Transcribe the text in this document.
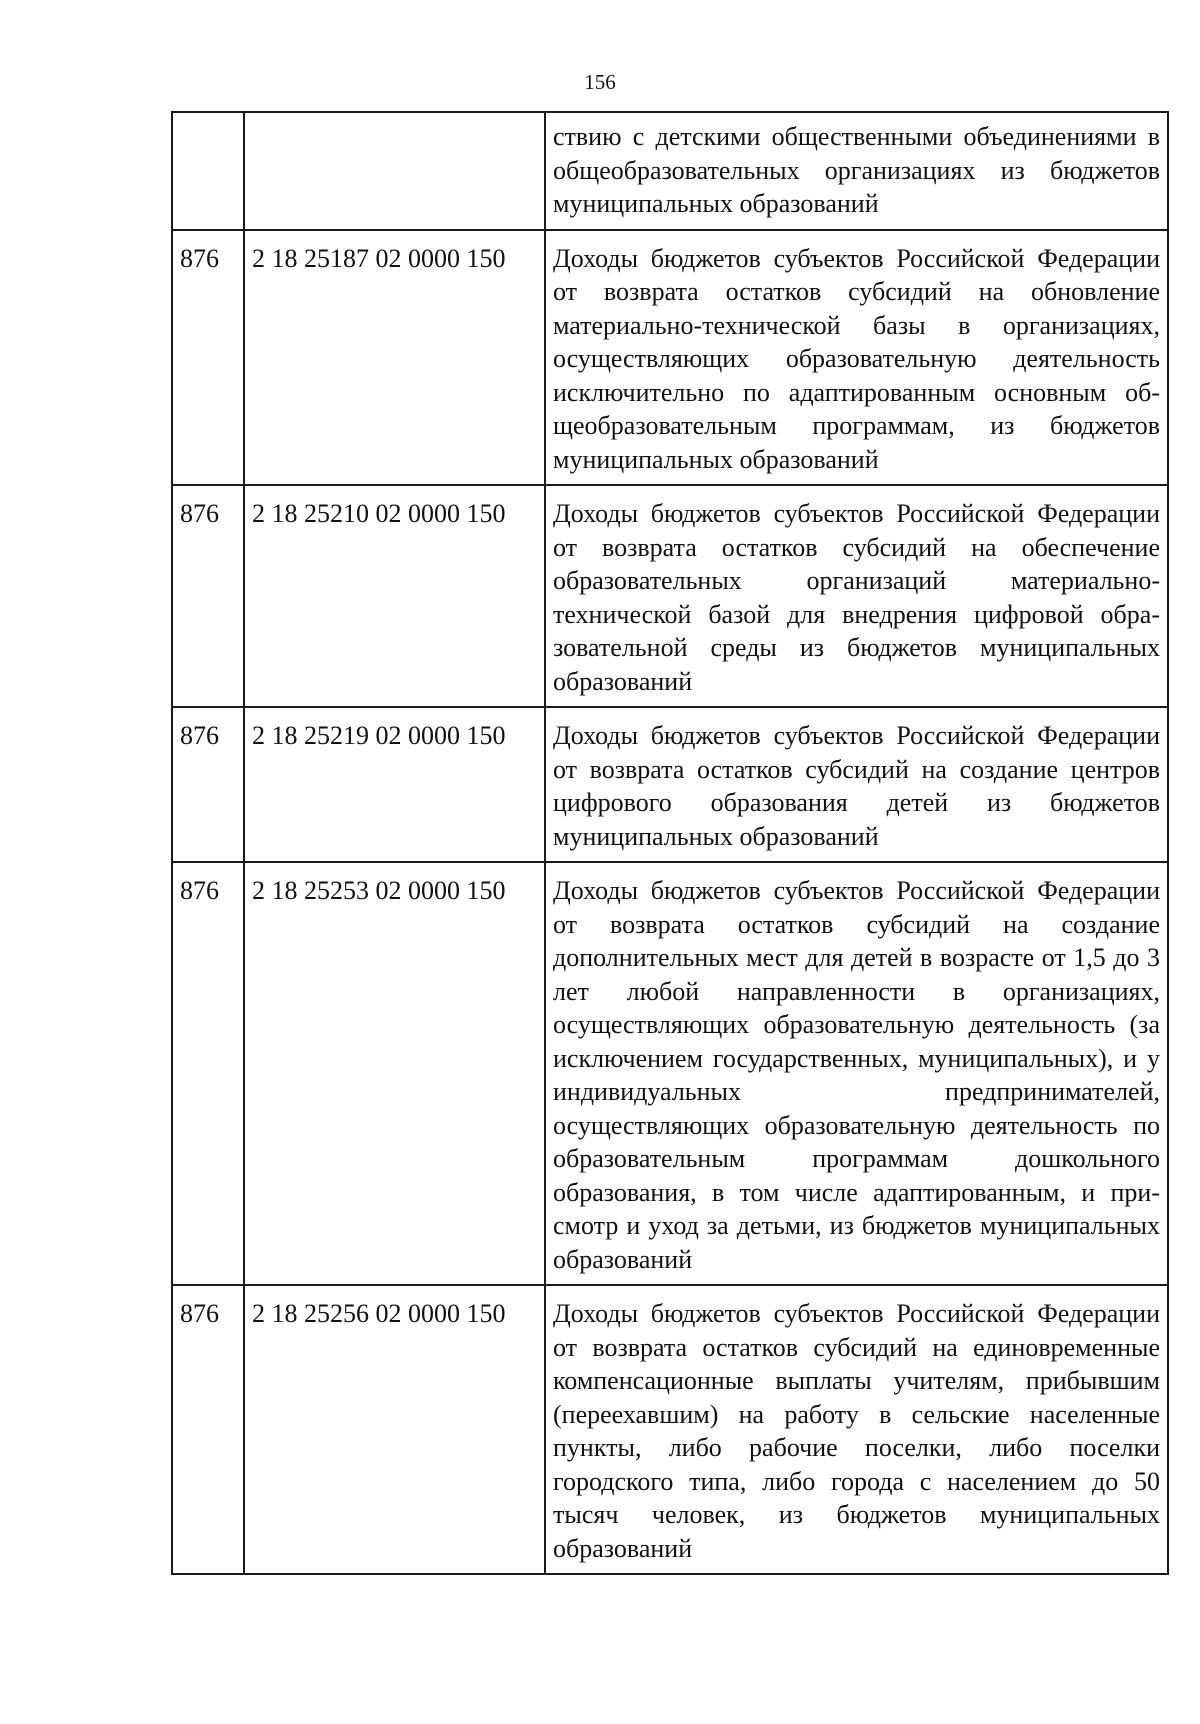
156
		ствию с детскими общественными объединениями в общеобразовательных организациях из бюджетов муниципальных образований
876	2 18 25187 02 0000 150	Доходы бюджетов субъектов Российской Федерации от возврата остатков субсидий на обновление материально-технической базы в организациях, осуществляющих образовательную деятельность исключительно по адаптированным основным общеобразовательным программам, из бюджетов муниципальных образований
876	2 18 25210 02 0000 150	Доходы бюджетов субъектов Российской Федерации от возврата остатков субсидий на обеспечение образовательных организаций материально-технической базой для внедрения цифровой образовательной среды из бюджетов муниципальных образований
876	2 18 25219 02 0000 150	Доходы бюджетов субъектов Российской Федерации от возврата остатков субсидий на создание центров цифрового образования детей из бюджетов муниципальных образований
876	2 18 25253 02 0000 150	Доходы бюджетов субъектов Российской Федерации от возврата остатков субсидий на создание дополнительных мест для детей в возрасте от 1,5 до 3 лет любой направленности в организациях, осуществляющих образовательную деятельность (за исключением государственных, муниципальных), и у индивидуальных предпринимателей, осуществляющих образовательную деятельность по образовательным программам дошкольного образования, в том числе адаптированным, и присмотр и уход за детьми, из бюджетов муниципальных образований
876	2 18 25256 02 0000 150	Доходы бюджетов субъектов Российской Федерации от возврата остатков субсидий на единовременные компенсационные выплаты учителям, прибывшим (переехавшим) на работу в сельские населенные пункты, либо рабочие поселки, либо поселки городского типа, либо города с населением до 50 тысяч человек, из бюджетов муниципальных образований
